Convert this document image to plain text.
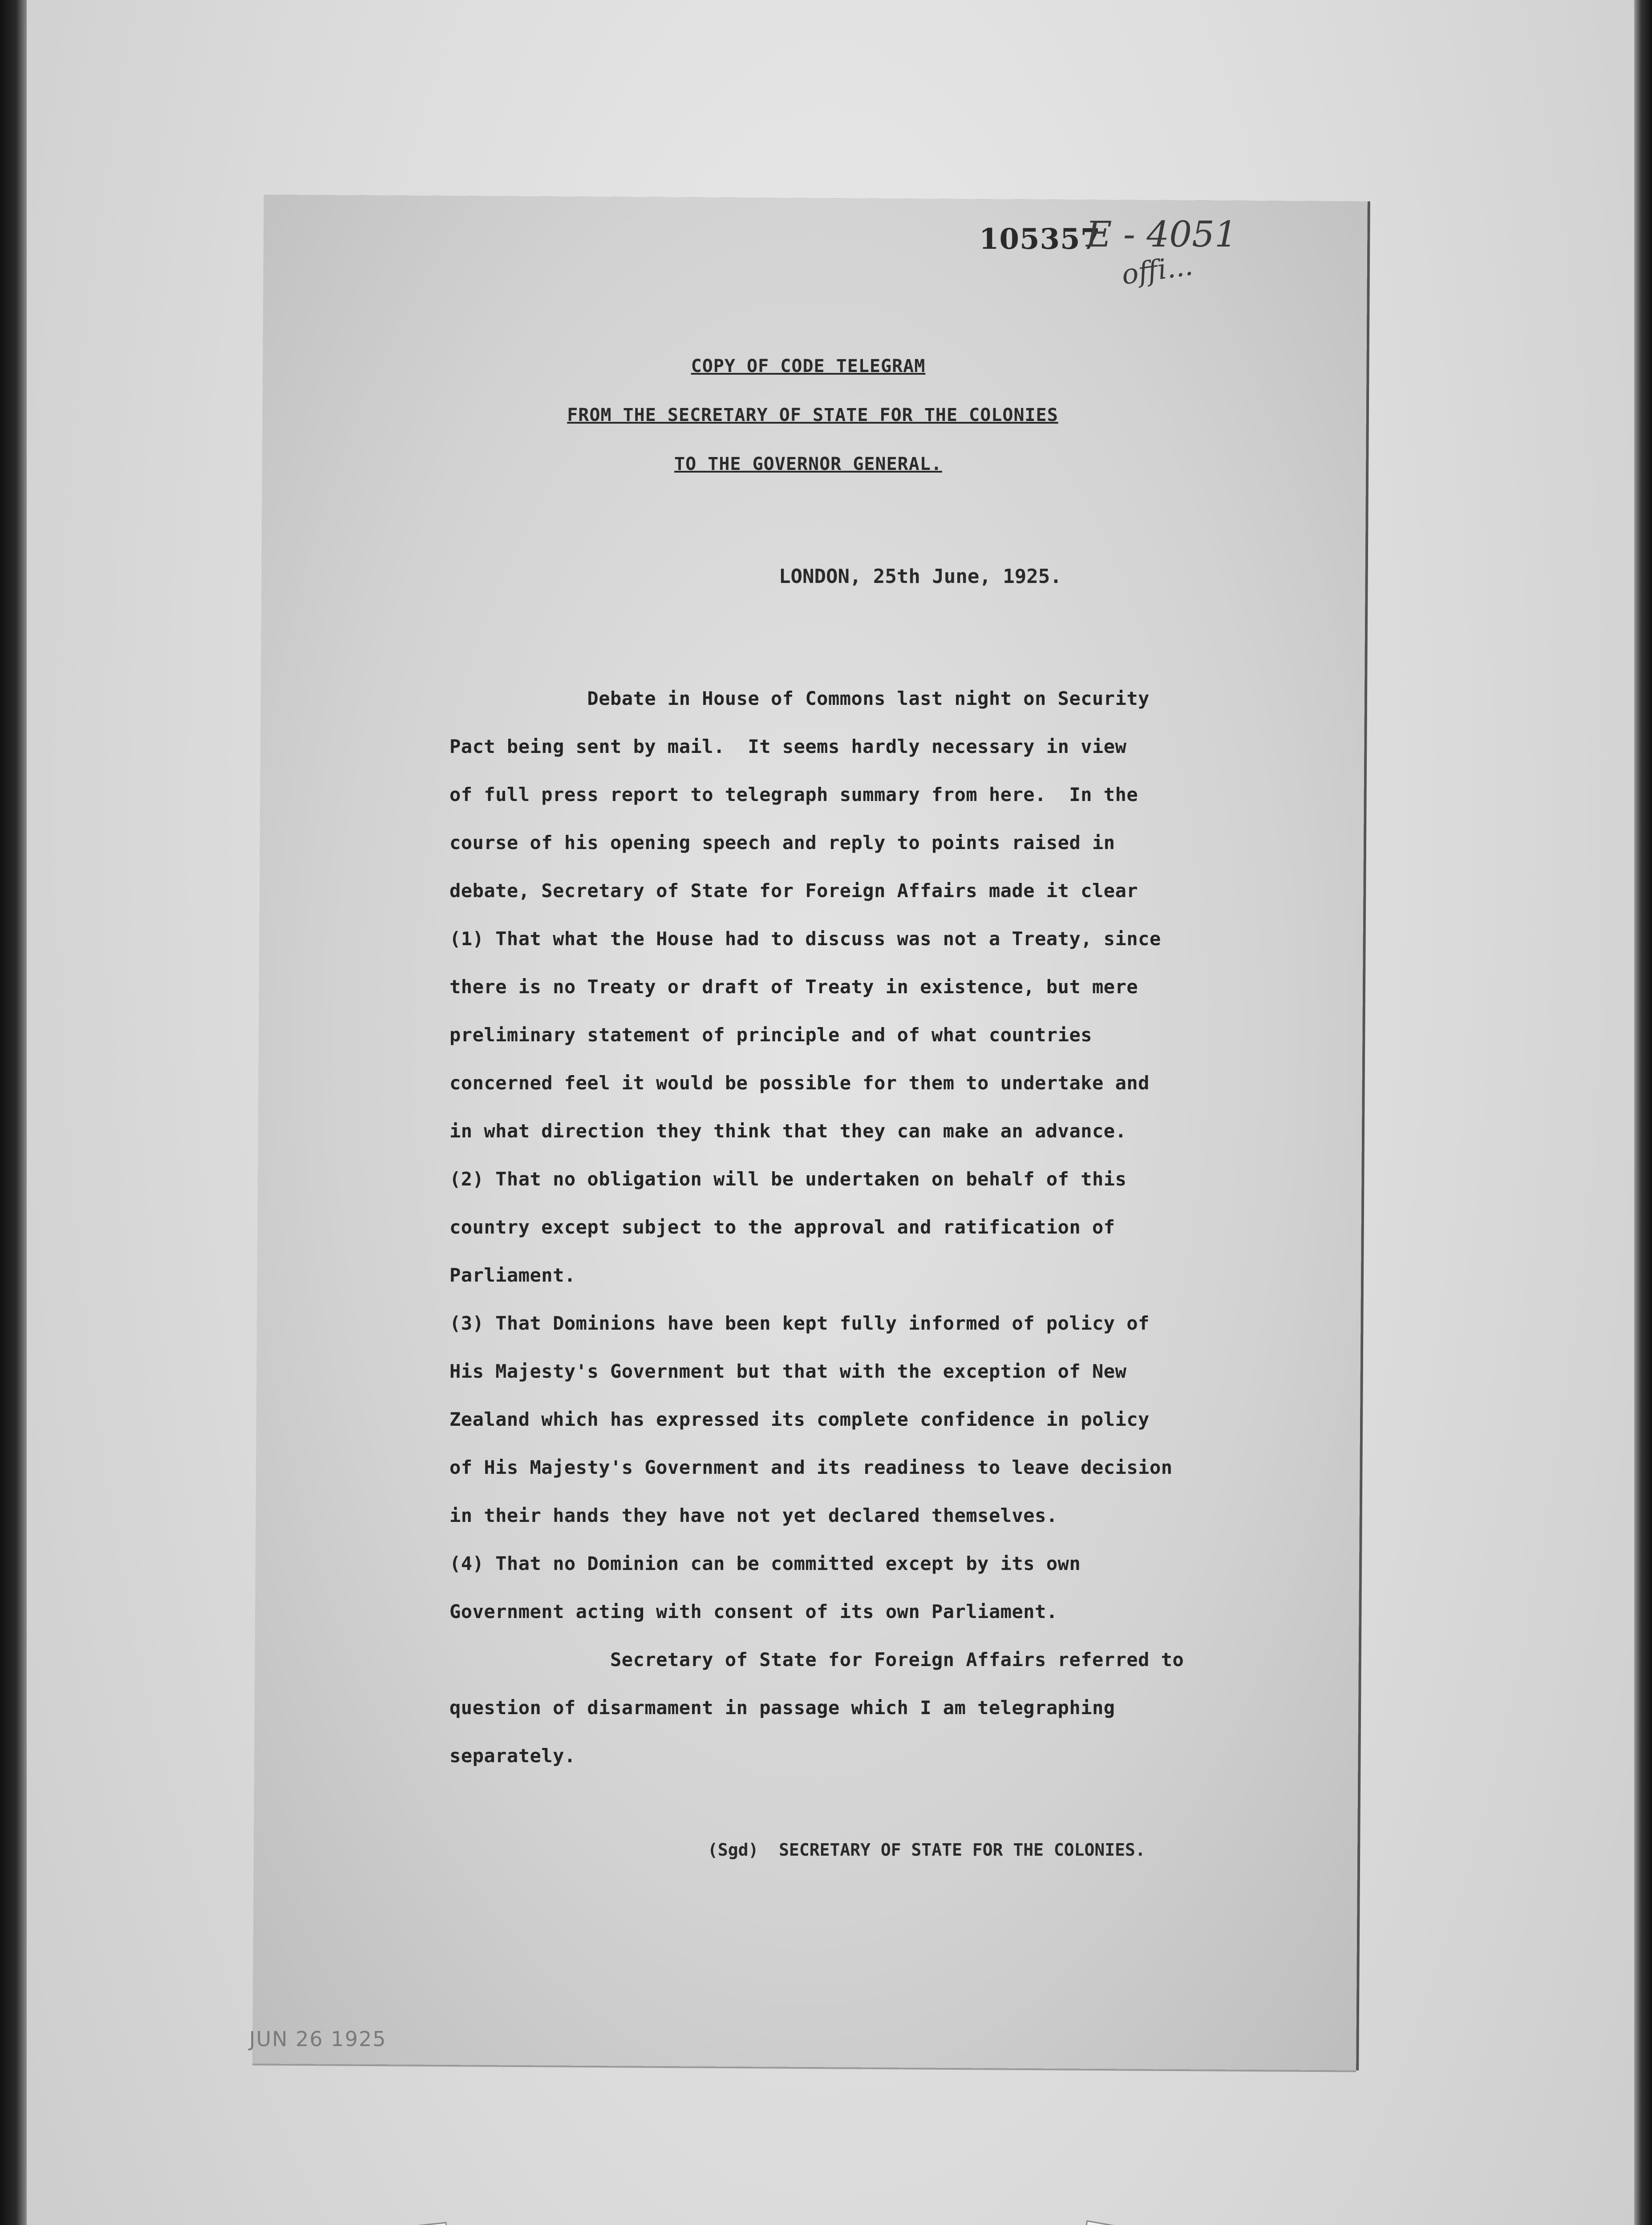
105357
E - 4051
offi...
COPY OF CODE TELEGRAM
FROM THE SECRETARY OF STATE FOR THE COLONIES
TO THE GOVERNOR GENERAL.
LONDON, 25th June, 1925.
Debate in House of Commons last night on Security
Pact being sent by mail.  It seems hardly necessary in view
of full press report to telegraph summary from here.  In the
course of his opening speech and reply to points raised in
debate, Secretary of State for Foreign Affairs made it clear
(1) That what the House had to discuss was not a Treaty, since
there is no Treaty or draft of Treaty in existence, but mere
preliminary statement of principle and of what countries
concerned feel it would be possible for them to undertake and
in what direction they think that they can make an advance.
(2) That no obligation will be undertaken on behalf of this
country except subject to the approval and ratification of
Parliament.
(3) That Dominions have been kept fully informed of policy of
His Majesty's Government but that with the exception of New
Zealand which has expressed its complete confidence in policy
of His Majesty's Government and its readiness to leave decision
in their hands they have not yet declared themselves.
(4) That no Dominion can be committed except by its own
Government acting with consent of its own Parliament.
Secretary of State for Foreign Affairs referred to
question of disarmament in passage which I am telegraphing
separately.
(Sgd)  SECRETARY OF STATE FOR THE COLONIES.
JUN 26 1925
